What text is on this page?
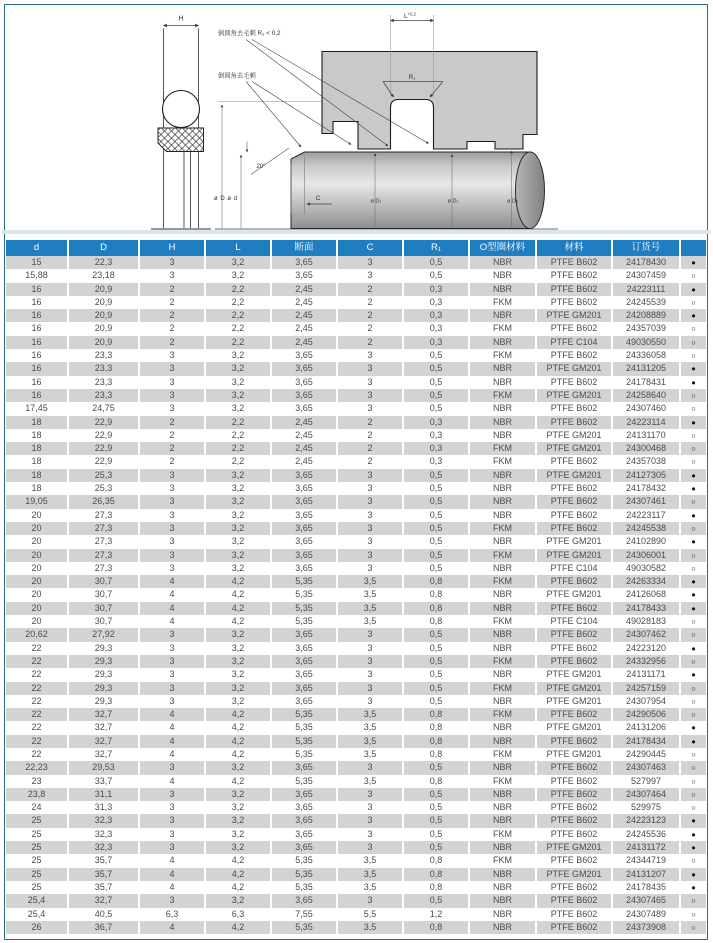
H	$L^{+0,2}$
R₁
倒圆角去毛刺 R₂ < 0,2
倒圆角去毛刺
20°
C
ø D ø d	ø D₃	ø D₁	ø D₂
d	D	H	L	断面	C	R₁	O型圈材料	材料	订货号	
15	22,3	3	3,2	3,65	3	0,5	NBR	PTFE B602	24178430	●
15,88	23,18	3	3,2	3,65	3	0,5	NBR	PTFE B602	24307459	○
16	20,9	2	2,2	2,45	2	0,3	NBR	PTFE B602	24223111	●
16	20,9	2	2,2	2,45	2	0,3	FKM	PTFE B602	24245539	○
16	20,9	2	2,2	2,45	2	0,3	NBR	PTFE GM201	24208889	●
16	20,9	2	2,2	2,45	2	0,3	FKM	PTFE B602	24357039	○
16	20,9	2	2,2	2,45	2	0,3	NBR	PTFE C104	49030550	○
16	23,3	3	3,2	3,65	3	0,5	FKM	PTFE B602	24336058	○
16	23,3	3	3,2	3,65	3	0,5	NBR	PTFE GM201	24131205	●
16	23,3	3	3,2	3,65	3	0,5	NBR	PTFE B602	24178431	●
16	23,3	3	3,2	3,65	3	0,5	FKM	PTFE GM201	24258640	○
17,45	24,75	3	3,2	3,65	3	0,5	NBR	PTFE B602	24307460	○
18	22,9	2	2,2	2,45	2	0,3	NBR	PTFE B602	24223114	●
18	22,9	2	2,2	2,45	2	0,3	NBR	PTFE GM201	24131170	○
18	22,9	2	2,2	2,45	2	0,3	FKM	PTFE GM201	24300468	○
18	22,9	2	2,2	2,45	2	0,3	FKM	PTFE B602	24357038	○
18	25,3	3	3,2	3,65	3	0,5	NBR	PTFE GM201	24127305	●
18	25,3	3	3,2	3,65	3	0,5	NBR	PTFE B602	24178432	●
19,05	26,35	3	3,2	3,65	3	0,5	NBR	PTFE B602	24307461	○
20	27,3	3	3,2	3,65	3	0,5	NBR	PTFE B602	24223117	●
20	27,3	3	3,2	3,65	3	0,5	FKM	PTFE B602	24245538	○
20	27,3	3	3,2	3,65	3	0,5	NBR	PTFE GM201	24102890	●
20	27,3	3	3,2	3,65	3	0,5	FKM	PTFE GM201	24306001	○
20	27,3	3	3,2	3,65	3	0,5	NBR	PTFE C104	49030582	○
20	30,7	4	4,2	5,35	3,5	0,8	FKM	PTFE B602	24263334	●
20	30,7	4	4,2	5,35	3,5	0,8	NBR	PTFE GM201	24126068	●
20	30,7	4	4,2	5,35	3,5	0,8	NBR	PTFE B602	24178433	●
20	30,7	4	4,2	5,35	3,5	0,8	FKM	PTFE C104	49028183	○
20,62	27,92	3	3,2	3,65	3	0,5	NBR	PTFE B602	24307462	○
22	29,3	3	3,2	3,65	3	0,5	NBR	PTFE B602	24223120	●
22	29,3	3	3,2	3,65	3	0,5	FKM	PTFE B602	24332956	○
22	29,3	3	3,2	3,65	3	0,5	NBR	PTFE GM201	24131171	●
22	29,3	3	3,2	3,65	3	0,5	FKM	PTFE GM201	24257159	○
22	29,3	3	3,2	3,65	3	0,5	NBR	PTFE GM201	24307954	○
22	32,7	4	4,2	5,35	3,5	0,8	FKM	PTFE B602	24290506	○
22	32,7	4	4,2	5,35	3,5	0,8	NBR	PTFE GM201	24131206	●
22	32,7	4	4,2	5,35	3,5	0,8	NBR	PTFE B602	24178434	●
22	32,7	4	4,2	5,35	3,5	0,8	FKM	PTFE GM201	24290445	○
22,23	29,53	3	3,2	3,65	3	0,5	NBR	PTFE B602	24307463	○
23	33,7	4	4,2	5,35	3,5	0,8	FKM	PTFE B602	527997	○
23,8	31,1	3	3,2	3,65	3	0,5	NBR	PTFE B602	24307464	○
24	31,3	3	3,2	3,65	3	0,5	NBR	PTFE B602	529975	○
25	32,3	3	3,2	3,65	3	0,5	NBR	PTFE B602	24223123	●
25	32,3	3	3,2	3,65	3	0,5	FKM	PTFE B602	24245536	●
25	32,3	3	3,2	3,65	3	0,5	NBR	PTFE GM201	24131172	●
25	35,7	4	4,2	5,35	3,5	0,8	FKM	PTFE B602	24344719	○
25	35,7	4	4,2	5,35	3,5	0,8	NBR	PTFE GM201	24131207	●
25	35,7	4	4,2	5,35	3,5	0,8	NBR	PTFE B602	24178435	●
25,4	32,7	3	3,2	3,65	3	0,5	NBR	PTFE B602	24307465	○
25,4	40,5	6,3	6,3	7,55	5,5	1,2	NBR	PTFE B602	24307489	○
26	36,7	4	4,2	5,35	3,5	0,8	NBR	PTFE B602	24373908	○
